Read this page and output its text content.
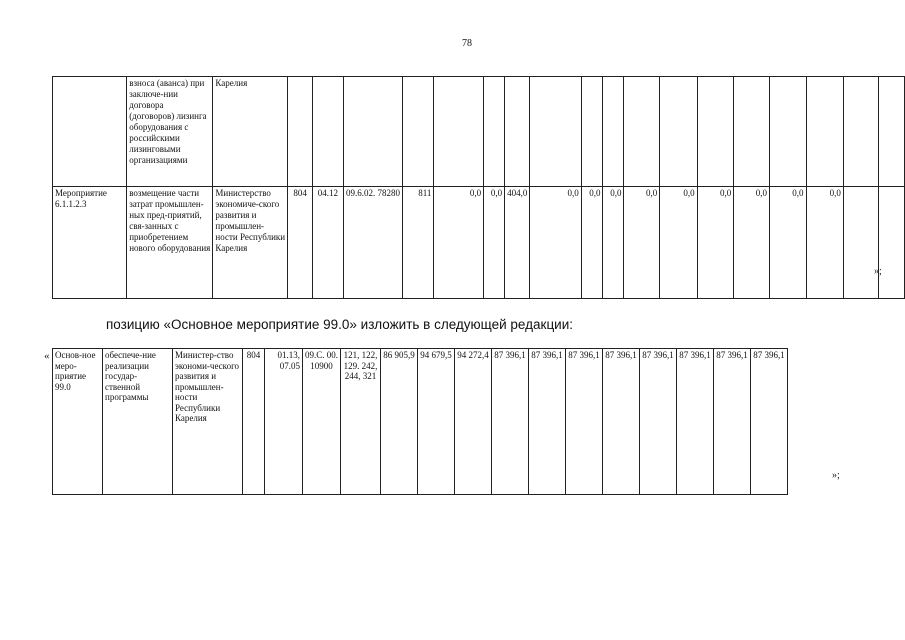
78
	взноса (аванса) при заключе-нии договора (договоров) лизинга оборудования с российскими лизинговыми организациями	Карелия																		
Мероприятие 6.1.1.2.3	возмещение части затрат промышлен-ных пред-приятий, свя-занных с приобретением нового оборудования	Министерство экономиче-ского развития и промышлен-ности Республики Карелия	804	04.12	09.6.02. 78280	811	0,0	0,0	404,0	0,0	0,0	0,0	0,0	0,0	0,0	0,0	0,0	0,0		
»;
позицию «Основное мероприятие 99.0» изложить в следующей редакции:
« Основ-ное меро-приятие 99.0	обеспече-ние реализации государ-ственной программы	Министер-ство экономи-ческого развития и промышлен-ности Республики Карелия	804	01.13, 07.05	09.С. 00. 10900	121, 122, 129. 242, 244, 321	86 905,9	94 679,5	94 272,4	87 396,1	87 396,1	87 396,1	87 396,1	87 396,1	87 396,1	87 396,1	87 396,1
»;
